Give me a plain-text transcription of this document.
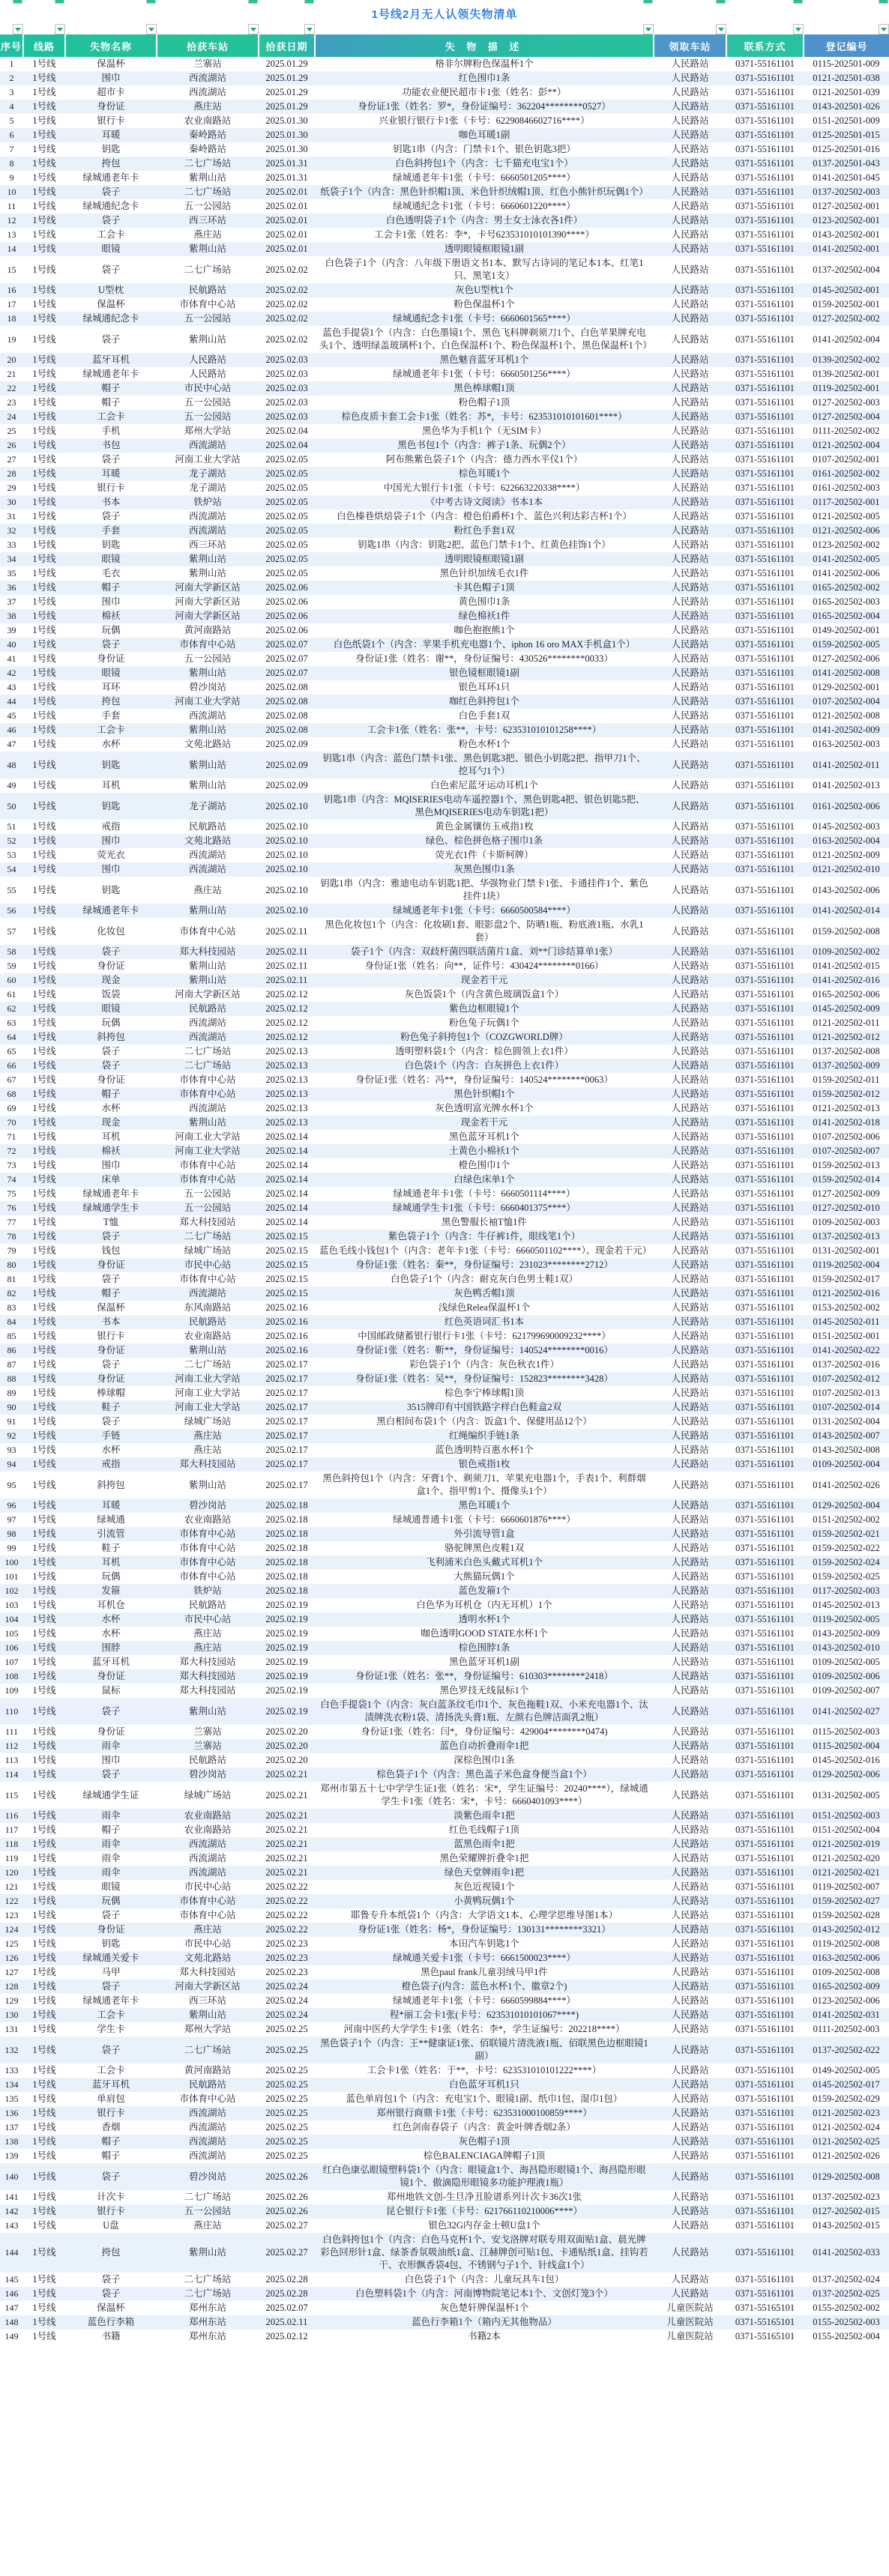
1号线2月无人认领失物清单
序号	线路	失物名称	拾获车站	拾获日期	失 物 描 述	领取车站	联系方式	登记编号
1	1号线	保温杯	兰寨站	2025.01.29	格非尔牌粉色保温杯1个	人民路站	0371-55161101	0115-202501-009
2	1号线	围巾	西流湖站	2025.01.29	红色围巾1条	人民路站	0371-55161101	0121-202501-038
3	1号线	超市卡	西流湖站	2025.01.29	功能农业便民超市卡1张（姓名：彭**）	人民路站	0371-55161101	0121-202501-039
4	1号线	身份证	燕庄站	2025.01.29	身份证1张（姓名：罗*，身份证编号：362204********0527）	人民路站	0371-55161101	0143-202501-026
5	1号线	银行卡	农业南路站	2025.01.30	兴业银行银行卡1张（卡号：62290846602716****）	人民路站	0371-55161101	0151-202501-009
6	1号线	耳暖	秦岭路站	2025.01.30	咖色耳暖1副	人民路站	0371-55161101	0125-202501-015
7	1号线	钥匙	秦岭路站	2025.01.30	钥匙1串（内含：门禁卡1个、银色钥匙3把）	人民路站	0371-55161101	0125-202501-016
8	1号线	挎包	二七广场站	2025.01.31	白色斜挎包1个（内含：七千猫充电宝1个）	人民路站	0371-55161101	0137-202501-043
9	1号线	绿城通老年卡	紫荆山站	2025.01.31	绿城通老年卡1张（卡号：6660501205****）	人民路站	0371-55161101	0141-202501-045
10	1号线	袋子	二七广场站	2025.02.01	纸袋子1个（内含：黑色针织帽1顶、米色针织绒帽1顶、红色小熊针织玩偶1个）	人民路站	0371-55161101	0137-202502-003
11	1号线	绿城通纪念卡	五一公园站	2025.02.01	绿城通纪念卡1张（卡号：6660601220****）	人民路站	0371-55161101	0127-202502-001
12	1号线	袋子	西三环站	2025.02.01	白色透明袋子1个（内含：男士女士泳衣各1件）	人民路站	0371-55161101	0123-202502-001
13	1号线	工会卡	燕庄站	2025.02.01	工会卡1张（姓名：李*，卡号623531010101390****）	人民路站	0371-55161101	0143-202502-001
14	1号线	眼镜	紫荆山站	2025.02.01	透明眼镜框眼镜1副	人民路站	0371-55161101	0141-202502-001
15	1号线	袋子	二七广场站	2025.02.02	白色袋子1个（内含：八年级下册语文书1本、默写古诗词的笔记本1本、红笔1只、黑笔1支）	人民路站	0371-55161101	0137-202502-004
16	1号线	U型枕	民航路站	2025.02.02	灰色U型枕1个	人民路站	0371-55161101	0145-202502-001
17	1号线	保温杯	市体育中心站	2025.02.02	粉色保温杯1个	人民路站	0371-55161101	0159-202502-001
18	1号线	绿城通纪念卡	五一公园站	2025.02.02	绿城通纪念卡1张（卡号：6660601565****）	人民路站	0371-55161101	0127-202502-002
19	1号线	袋子	紫荆山站	2025.02.02	蓝色手提袋1个（内含：白色墨镜1个、黑色飞科牌剃须刀1个、白色苹果牌充电头1个、透明绿盖玻璃杯1个、白色保温杯1个、粉色保温杯1个、黑色保温杯1个）	人民路站	0371-55161101	0141-202502-004
20	1号线	蓝牙耳机	人民路站	2025.02.03	黑色魅音蓝牙耳机1个	人民路站	0371-55161101	0139-202502-002
21	1号线	绿城通老年卡	人民路站	2025.02.03	绿城通老年卡1张（卡号：6660501256****）	人民路站	0371-55161101	0139-202502-001
22	1号线	帽子	市民中心站	2025.02.03	黑色棒球帽1顶	人民路站	0371-55161101	0119-202502-001
23	1号线	帽子	五一公园站	2025.02.03	粉色帽子1顶	人民路站	0371-55161101	0127-202502-003
24	1号线	工会卡	五一公园站	2025.02.03	棕色皮质卡套工会卡1张（姓名：苏*，卡号：623531010101601****）	人民路站	0371-55161101	0127-202502-004
25	1号线	手机	郑州大学站	2025.02.04	黑色华为手机1个（无SIM卡）	人民路站	0371-55161101	0111-202502-002
26	1号线	书包	西流湖站	2025.02.04	黑色书包1个（内含：裤子1条、玩偶2个）	人民路站	0371-55161101	0121-202502-004
27	1号线	袋子	河南工业大学站	2025.02.05	阿布熊紫色袋子1个（内含：德力西水平仪1个）	人民路站	0371-55161101	0107-202502-001
28	1号线	耳暖	龙子湖站	2025.02.05	棕色耳暖1个	人民路站	0371-55161101	0161-202502-002
29	1号线	银行卡	龙子湖站	2025.02.05	中国光大银行卡1张（卡号：622663220338****）	人民路站	0371-55161101	0161-202502-003
30	1号线	书本	铁炉站	2025.02.05	《中考古诗文阅读》书本1本	人民路站	0371-55161101	0117-202502-001
31	1号线	袋子	西流湖站	2025.02.05	白色榛巷烘焙袋子1个（内含：橙色伯爵杯1个、蓝色兴利达彩吉杯1个）	人民路站	0371-55161101	0121-202502-005
32	1号线	手套	西流湖站	2025.02.05	粉红色手套1双	人民路站	0371-55161101	0121-202502-006
33	1号线	钥匙	西三环站	2025.02.05	钥匙1串（内含：钥匙2把、蓝色门禁卡1个、红黄色挂饰1个）	人民路站	0371-55161101	0123-202502-002
34	1号线	眼镜	紫荆山站	2025.02.05	透明眼镜框眼镜1副	人民路站	0371-55161101	0141-202502-005
35	1号线	毛衣	紫荆山站	2025.02.05	黑色针织加绒毛衣1件	人民路站	0371-55161101	0141-202502-006
36	1号线	帽子	河南大学新区站	2025.02.06	卡其色帽子1顶	人民路站	0371-55161101	0165-202502-002
37	1号线	围巾	河南大学新区站	2025.02.06	黄色围巾1条	人民路站	0371-55161101	0165-202502-003
38	1号线	棉袄	河南大学新区站	2025.02.06	绿色棉袄1件	人民路站	0371-55161101	0165-202502-004
39	1号线	玩偶	黄河南路站	2025.02.06	咖色抱抱熊1个	人民路站	0371-55161101	0149-202502-001
40	1号线	袋子	市体育中心站	2025.02.07	白色纸袋1个（内含：苹果手机充电器1个、iphon 16 oro MAX手机盒1个）	人民路站	0371-55161101	0159-202502-005
41	1号线	身份证	五一公园站	2025.02.07	身份证1张（姓名：谢**，身份证编号：430526********0033）	人民路站	0371-55161101	0127-202502-006
42	1号线	眼镜	紫荆山站	2025.02.07	银色镜框眼镜1副	人民路站	0371-55161101	0141-202502-008
43	1号线	耳环	碧沙岗站	2025.02.08	银色耳环1只	人民路站	0371-55161101	0129-202502-001
44	1号线	挎包	河南工业大学站	2025.02.08	咖红色斜挎包1个	人民路站	0371-55161101	0107-202502-004
45	1号线	手套	西流湖站	2025.02.08	白色手套1双	人民路站	0371-55161101	0121-202502-008
46	1号线	工会卡	紫荆山站	2025.02.08	工会卡1张（姓名：张**，卡号：623531010101258****）	人民路站	0371-55161101	0141-202502-009
47	1号线	水杯	文苑北路站	2025.02.09	粉色水杯1个	人民路站	0371-55161101	0163-202502-003
48	1号线	钥匙	紫荆山站	2025.02.09	钥匙1串（内含：蓝色门禁卡1张、黑色钥匙3把、银色小钥匙2把、指甲刀1个、挖耳勺1个）	人民路站	0371-55161101	0141-202502-011
49	1号线	耳机	紫荆山站	2025.02.09	白色索尼蓝牙运动耳机1个	人民路站	0371-55161101	0141-202502-013
50	1号线	钥匙	龙子湖站	2025.02.10	钥匙1串（内含：MQISERIES电动车遥控器1个、黑色钥匙4把、银色钥匙5把、黑色MQISERIES电动车钥匙1把）	人民路站	0371-55161101	0161-202502-006
51	1号线	戒指	民航路站	2025.02.10	黄色金属镶仿玉戒指1枚	人民路站	0371-55161101	0145-202502-003
52	1号线	围巾	文苑北路站	2025.02.10	绿色、棕色拼色格子围巾1条	人民路站	0371-55161101	0163-202502-004
53	1号线	荧光衣	西流湖站	2025.02.10	荧光衣1件（卡斯柯牌）	人民路站	0371-55161101	0121-202502-009
54	1号线	围巾	西流湖站	2025.02.10	灰黑色围巾1条	人民路站	0371-55161101	0121-202502-010
55	1号线	钥匙	燕庄站	2025.02.10	钥匙1串（内含：雅迪电动车钥匙1把、华强物业门禁卡1张、卡通挂件1个、紫色挂件1块）	人民路站	0371-55161101	0143-202502-006
56	1号线	绿城通老年卡	紫荆山站	2025.02.10	绿城通老年卡1张（卡号：6660500584****）	人民路站	0371-55161101	0141-202502-014
57	1号线	化妆包	市体育中心站	2025.02.11	黑色化妆包1个（内含：化妆刷1套、眼影盘2个、防晒1瓶、粉底液1瓶、水乳1套）	人民路站	0371-55161101	0159-202502-008
58	1号线	袋子	郑大科技园站	2025.02.11	袋子1个（内含：双歧杆菌四联活菌片1盒、刘**门诊结算单1张）	人民路站	0371-55161101	0109-202502-002
59	1号线	身份证	紫荆山站	2025.02.11	身份证1张（姓名：向**，证件号：430424********0166）	人民路站	0371-55161101	0141-202502-015
60	1号线	现金	紫荆山站	2025.02.11	现金若干元	人民路站	0371-55161101	0141-202502-016
61	1号线	饭袋	河南大学新区站	2025.02.12	灰色饭袋1个（内含黄色玻璃饭盒1个）	人民路站	0371-55161101	0165-202502-006
62	1号线	眼镜	民航路站	2025.02.12	紫色边框眼镜1个	人民路站	0371-55161101	0145-202502-009
63	1号线	玩偶	西流湖站	2025.02.12	粉色兔子玩偶1个	人民路站	0371-55161101	0121-202502-011
64	1号线	斜挎包	西流湖站	2025.02.12	粉色兔子斜挎包1个（COZGWORLD牌）	人民路站	0371-55161101	0121-202502-012
65	1号线	袋子	二七广场站	2025.02.13	透明塑料袋1个（内含：棕色圆领上衣1件）	人民路站	0371-55161101	0137-202502-008
66	1号线	袋子	二七广场站	2025.02.13	白色袋1个（内含：白灰拼色上衣1件）	人民路站	0371-55161101	0137-202502-009
67	1号线	身份证	市体育中心站	2025.02.13	身份证1张（姓名：冯**，身份证编号：140524********0063）	人民路站	0371-55161101	0159-202502-011
68	1号线	帽子	市体育中心站	2025.02.13	黑色针织帽1个	人民路站	0371-55161101	0159-202502-012
69	1号线	水杯	西流湖站	2025.02.13	灰色透明富光牌水杯1个	人民路站	0371-55161101	0121-202502-013
70	1号线	现金	紫荆山站	2025.02.13	现金若干元	人民路站	0371-55161101	0141-202502-018
71	1号线	耳机	河南工业大学站	2025.02.14	黑色蓝牙耳机1个	人民路站	0371-55161101	0107-202502-006
72	1号线	棉袄	河南工业大学站	2025.02.14	土黄色小棉袄1个	人民路站	0371-55161101	0107-202502-007
73	1号线	围巾	市体育中心站	2025.02.14	橙色围巾1个	人民路站	0371-55161101	0159-202502-013
74	1号线	床单	市体育中心站	2025.02.14	白绿色床单1个	人民路站	0371-55161101	0159-202502-014
75	1号线	绿城通老年卡	五一公园站	2025.02.14	绿城通老年卡1张（卡号：6660501114****）	人民路站	0371-55161101	0127-202502-009
76	1号线	绿城通学生卡	五一公园站	2025.02.14	绿城通学生卡1张（卡号：6660401375****）	人民路站	0371-55161101	0127-202502-010
77	1号线	T恤	郑大科技园站	2025.02.14	黑色警服长袖T恤1件	人民路站	0371-55161101	0109-202502-003
78	1号线	袋子	二七广场站	2025.02.15	紫色袋子1个（内含：牛仔裤1件，眼线笔1个）	人民路站	0371-55161101	0137-202502-013
79	1号线	钱包	绿城广场站	2025.02.15	蓝色毛线小钱包1个（内含：老年卡1张（卡号：6660501102****）、现金若干元）	人民路站	0371-55161101	0131-202502-001
80	1号线	身份证	市民中心站	2025.02.15	身份证1张（姓名：秦**，身份证编号：231023********2712）	人民路站	0371-55161101	0119-202502-004
81	1号线	袋子	市体育中心站	2025.02.15	白色袋子1个（内含：耐克灰白色男士鞋1双）	人民路站	0371-55161101	0159-202502-017
82	1号线	帽子	西流湖站	2025.02.15	灰色鸭舌帽1顶	人民路站	0371-55161101	0121-202502-016
83	1号线	保温杯	东风南路站	2025.02.16	浅绿色Relea保温杯1个	人民路站	0371-55161101	0153-202502-002
84	1号线	书本	民航路站	2025.02.16	红色英语词汇书1本	人民路站	0371-55161101	0145-202502-011
85	1号线	银行卡	农业南路站	2025.02.16	中国邮政储蓄银行银行卡1张（卡号：621799690009232****）	人民路站	0371-55161101	0151-202502-001
86	1号线	身份证	紫荆山站	2025.02.16	身份证1张（姓名：靳**，身份证编号：140524********0016）	人民路站	0371-55161101	0141-202502-022
87	1号线	袋子	二七广场站	2025.02.17	彩色袋子1个（内含：灰色秋衣1件）	人民路站	0371-55161101	0137-202502-016
88	1号线	身份证	河南工业大学站	2025.02.17	身份证1张（姓名：吴**，身份证编号：152823********3428）	人民路站	0371-55161101	0107-202502-012
89	1号线	棒球帽	河南工业大学站	2025.02.17	棕色李宁棒球帽1顶	人民路站	0371-55161101	0107-202502-013
90	1号线	鞋子	河南工业大学站	2025.02.17	3515牌印有中国铁路字样白色鞋盒2双	人民路站	0371-55161101	0107-202502-014
91	1号线	袋子	绿城广场站	2025.02.17	黑白相间布袋1个（内含：饭盒1个、保健用品12个）	人民路站	0371-55161101	0131-202502-004
92	1号线	手链	燕庄站	2025.02.17	红绳编织手链1条	人民路站	0371-55161101	0143-202502-007
93	1号线	水杯	燕庄站	2025.02.17	蓝色透明特百惠水杯1个	人民路站	0371-55161101	0143-202502-008
94	1号线	戒指	郑大科技园站	2025.02.17	银色戒指1枚	人民路站	0371-55161101	0109-202502-004
95	1号线	斜挎包	紫荆山站	2025.02.17	黑色斜挎包1个（内含：牙膏1个、剃须刀1、苹果充电器1个，手表1个、利群烟盒1个、指甲剪1个、摄像头1个）	人民路站	0371-55161101	0141-202502-026
96	1号线	耳暖	碧沙岗站	2025.02.18	黑色耳暖1个	人民路站	0371-55161101	0129-202502-004
97	1号线	绿城通	农业南路站	2025.02.18	绿城通普通卡1张（卡号：6660601876****）	人民路站	0371-55161101	0151-202502-002
98	1号线	引流管	市体育中心站	2025.02.18	外引流导管1盒	人民路站	0371-55161101	0159-202502-021
99	1号线	鞋子	市体育中心站	2025.02.18	骆驼牌黑色皮鞋1双	人民路站	0371-55161101	0159-202502-022
100	1号线	耳机	市体育中心站	2025.02.18	飞利浦米白色头戴式耳机1个	人民路站	0371-55161101	0159-202502-024
101	1号线	玩偶	市体育中心站	2025.02.18	大熊猫玩偶1个	人民路站	0371-55161101	0159-202502-025
102	1号线	发箍	铁炉站	2025.02.18	蓝色发箍1个	人民路站	0371-55161101	0117-202502-003
103	1号线	耳机仓	民航路站	2025.02.19	白色华为耳机仓（内无耳机）1个	人民路站	0371-55161101	0145-202502-013
104	1号线	水杯	市民中心站	2025.02.19	透明水杯1个	人民路站	0371-55161101	0119-202502-005
105	1号线	水杯	燕庄站	2025.02.19	咖色透明GOOD STATE水杯1个	人民路站	0371-55161101	0143-202502-009
106	1号线	围脖	燕庄站	2025.02.19	棕色围脖1条	人民路站	0371-55161101	0143-202502-010
107	1号线	蓝牙耳机	郑大科技园站	2025.02.19	黑色蓝牙耳机1副	人民路站	0371-55161101	0109-202502-005
108	1号线	身份证	郑大科技园站	2025.02.19	身份证1张（姓名：张**，身份证编号：610303********2418）	人民路站	0371-55161101	0109-202502-006
109	1号线	鼠标	郑大科技园站	2025.02.19	黑色罗技无线鼠标1个	人民路站	0371-55161101	0109-202502-007
110	1号线	袋子	紫荆山站	2025.02.19	白色手提袋1个（内含：灰白蓝条纹毛巾1个、灰色拖鞋1双、小米充电器1个、汰渍牌洗衣粉1袋、清扬洗头膏1瓶、左颜右色牌洁面乳2瓶）	人民路站	0371-55161101	0141-202502-027
111	1号线	身份证	兰寨站	2025.02.20	身份证1张（姓名：闫*，身份证编号：429004********0474)	人民路站	0371-55161101	0115-202502-003
112	1号线	雨伞	兰寨站	2025.02.20	蓝色自动折叠雨伞1把	人民路站	0371-55161101	0115-202502-004
113	1号线	围巾	民航路站	2025.02.20	深棕色围巾1条	人民路站	0371-55161101	0145-202502-016
114	1号线	袋子	碧沙岗站	2025.02.21	棕色袋子1个（内含：黑色盖子米色盒身便当盒1个）	人民路站	0371-55161101	0129-202502-006
115	1号线	绿城通学生证	绿城广场站	2025.02.21	郑州市第五十七中学学生证1张（姓名：宋*，学生证编号：20240****），绿城通学生卡1张（姓名：宋*，卡号：6660401093****）	人民路站	0371-55161101	0131-202502-005
116	1号线	雨伞	农业南路站	2025.02.21	淡紫色雨伞1把	人民路站	0371-55161101	0151-202502-003
117	1号线	帽子	农业南路站	2025.02.21	红色毛线帽子1顶	人民路站	0371-55161101	0151-202502-004
118	1号线	雨伞	西流湖站	2025.02.21	蓝黑色雨伞1把	人民路站	0371-55161101	0121-202502-019
119	1号线	雨伞	西流湖站	2025.02.21	黑色荣耀牌折叠伞1把	人民路站	0371-55161101	0121-202502-020
120	1号线	雨伞	西流湖站	2025.02.21	绿色天堂牌雨伞1把	人民路站	0371-55161101	0121-202502-021
121	1号线	眼镜	市民中心站	2025.02.22	灰色近视镜1个	人民路站	0371-55161101	0119-202502-007
122	1号线	玩偶	市体育中心站	2025.02.22	小黄鸭玩偶1个	人民路站	0371-55161101	0159-202502-027
123	1号线	袋子	市体育中心站	2025.02.22	耶鲁专升本纸袋1个（内含：大学语文1本、心理学思维导图1本）	人民路站	0371-55161101	0159-202502-028
124	1号线	身份证	燕庄站	2025.02.22	身份证1张（姓名：杨*，身份证编号：130131********3321）	人民路站	0371-55161101	0143-202502-012
125	1号线	钥匙	市民中心站	2025.02.23	本田汽车钥匙1个	人民路站	0371-55161101	0119-202502-008
126	1号线	绿城通关爱卡	文苑北路站	2025.02.23	绿城通关爱卡1张（卡号：6661500023****）	人民路站	0371-55161101	0163-202502-006
127	1号线	马甲	郑大科技园站	2025.02.23	黑色paul frank儿童羽绒马甲1件	人民路站	0371-55161101	0109-202502-008
128	1号线	袋子	河南大学新区站	2025.02.24	橙色袋子(内含：蓝色水杯1个、徽章2个)	人民路站	0371-55161101	0165-202502-009
129	1号线	绿城通老年卡	西三环站	2025.02.24	绿城通老年卡1张（卡号：6660599884****）	人民路站	0371-55161101	0123-202502-006
130	1号线	工会卡	紫荆山站	2025.02.24	程*丽工会卡1张(卡号：623531010101067****)	人民路站	0371-55161101	0141-202502-031
131	1号线	学生卡	郑州大学站	2025.02.25	河南中医药大学学生卡1张（姓名：李*，学生证编号：202218****）	人民路站	0371-55161101	0111-202502-003
132	1号线	袋子	二七广场站	2025.02.25	黑色袋子1个（内含：王**健康证1张、佰联镜片清洗液1瓶、佰联黑色边框眼镜1副）	人民路站	0371-55161101	0137-202502-022
133	1号线	工会卡	黄河南路站	2025.02.25	工会卡1张（姓名：于**，卡号：623531010101222****）	人民路站	0371-55161101	0149-202502-005
134	1号线	蓝牙耳机	民航路站	2025.02.25	白色蓝牙耳机1只	人民路站	0371-55161101	0145-202502-017
135	1号线	单肩包	市体育中心站	2025.02.25	蓝色单肩包1个（内含：充电宝1个、眼镜1副、纸巾1包、湿巾1包）	人民路站	0371-55161101	0159-202502-029
136	1号线	银行卡	西流湖站	2025.02.25	郑州银行商鼎卡1张（卡号：623531000100859****）	人民路站	0371-55161101	0121-202502-023
137	1号线	香烟	西流湖站	2025.02.25	红色剑南春袋子（内含：黄金叶牌香烟2条）	人民路站	0371-55161101	0121-202502-024
138	1号线	帽子	西流湖站	2025.02.25	灰色帽子1顶	人民路站	0371-55161101	0121-202502-025
139	1号线	帽子	西流湖站	2025.02.25	棕色BALENCIAGA牌帽子1顶	人民路站	0371-55161101	0121-202502-026
140	1号线	袋子	碧沙岗站	2025.02.26	红白色康弘眼镜塑料袋1个（内含：眼镜盒1个、海昌隐形眼镜1个、海昌隐形眼镜1个、傲滴隐形眼镜多功能护理液1瓶）	人民路站	0371-55161101	0129-202502-008
141	1号线	计次卡	二七广场站	2025.02.26	郑州地铁文创-生旦净丑脸谱系列计次卡36次1张	人民路站	0371-55161101	0137-202502-023
142	1号线	银行卡	五一公园站	2025.02.26	昆仑银行卡1张（卡号：621766110210006****）	人民路站	0371-55161101	0127-202502-015
143	1号线	U盘	燕庄站	2025.02.27	银色32G内存金士顿U盘1个	人民路站	0371-55161101	0143-202502-015
144	1号线	挎包	紫荆山站	2025.02.27	白色斜挎包1个（内含：白色马克杯1个、安戈洛牌对联专用双面贴1盒、晨光牌彩色回形针1盒、绿茶香氛吸油纸1盒、江赫牌创可贴1包、卡通贴纸1盒、挂钩若干、衣形飘香袋4包、不锈钢勺子1个、针线盒1个）	人民路站	0371-55161101	0141-202502-033
145	1号线	袋子	二七广场站	2025.02.28	白色袋子1个（内含：儿童玩具车1包）	人民路站	0371-55161101	0137-202502-024
146	1号线	袋子	二七广场站	2025.02.28	白色塑料袋1个（内含：河南博物院笔记本1个、文创灯笼3个）	人民路站	0371-55161101	0137-202502-025
147	1号线	保温杯	郑州东站	2025.02.07	灰色楚轩牌保温杯1个	儿童医院站	0371-55165101	0155-202502-002
148	1号线	蓝色行李箱	郑州东站	2025.02.11	蓝色行李箱1个（箱内无其他物品）	儿童医院站	0371-55165101	0155-202502-003
149	1号线	书籍	郑州东站	2025.02.12	书籍2本	儿童医院站	0371-55165101	0155-202502-004
